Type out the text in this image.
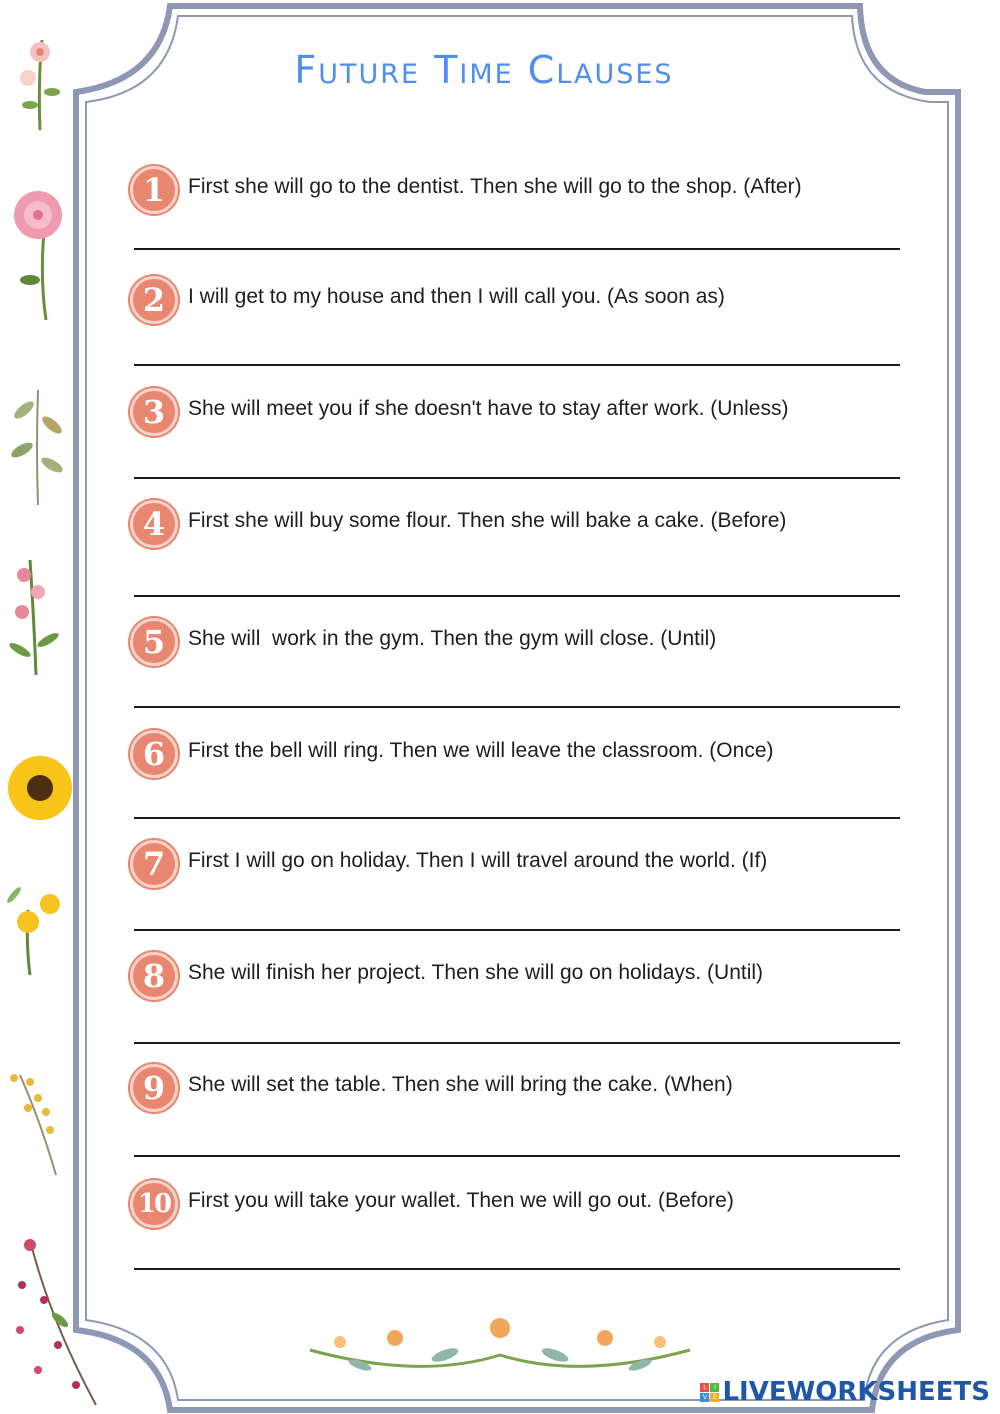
Future Time Clauses
1	First she will go to the dentist. Then she will go to the shop. (After)
2	I will get to my house and then I will call you. (As soon as)
3	She will meet you if she doesn't have to stay after work. (Unless)
4	First she will buy some flour. Then she will bake a cake. (Before)
5	She will  work in the gym. Then the gym will close. (Until)
6	First the bell will ring. Then we will leave the classroom. (Once)
7	First I will go on holiday. Then I will travel around the world. (If)
8	She will finish her project. Then she will go on holidays. (Until)
9	She will set the table. Then she will bring the cake. (When)
10 First you will take your wallet. Then we will go out. (Before)
L	I
V	E LIVEWORKSHEETS
